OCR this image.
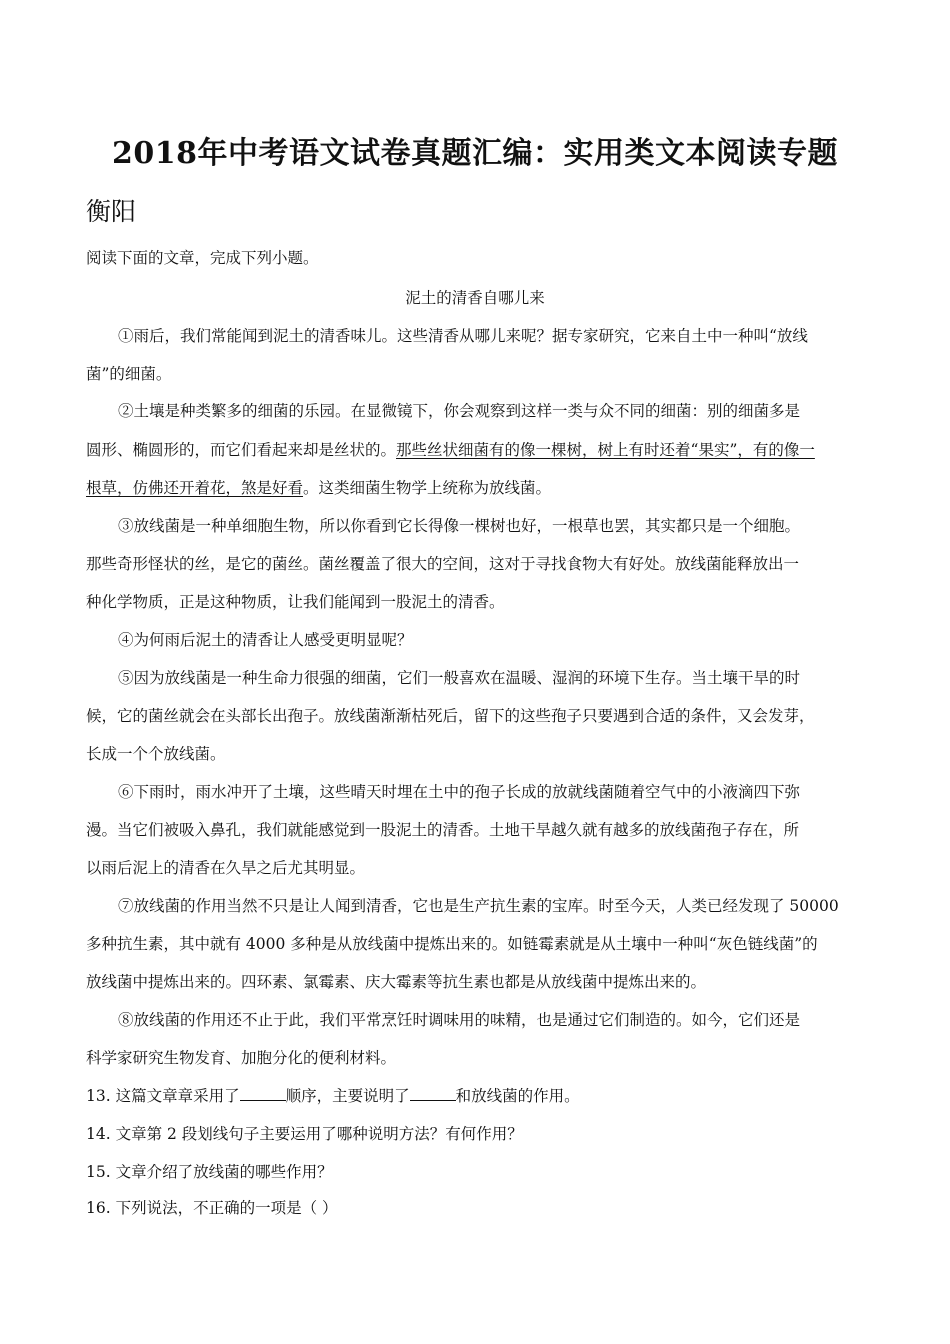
2018年中考语文试卷真题汇编：实用类文本阅读专题
衡阳
阅读下面的文章，完成下列小题。
泥土的清香自哪儿来
①雨后，我们常能闻到泥土的清香味儿。这些清香从哪儿来呢？据专家研究，它来自土中一种叫“放线
菌”的细菌。
②土壤是种类繁多的细菌的乐园。在显微镜下，你会观察到这样一类与众不同的细菌：别的细菌多是
圆形、椭圆形的，而它们看起来却是丝状的。那些丝状细菌有的像一棵树，树上有时还着“果实”，有的像一
根草，仿佛还开着花，煞是好看。这类细菌生物学上统称为放线菌。
③放线菌是一种单细胞生物，所以你看到它长得像一棵树也好，一根草也罢，其实都只是一个细胞。
那些奇形怪状的丝，是它的菌丝。菌丝覆盖了很大的空间，这对于寻找食物大有好处。放线菌能释放出一
种化学物质，正是这种物质，让我们能闻到一股泥土的清香。
④为何雨后泥土的清香让人感受更明显呢？
⑤因为放线菌是一种生命力很强的细菌，它们一般喜欢在温暖、湿润的环境下生存。当土壤干旱的时
候，它的菌丝就会在头部长出孢子。放线菌渐渐枯死后，留下的这些孢子只要遇到合适的条件，又会发芽，
长成一个个放线菌。
⑥下雨时，雨水冲开了土壤，这些晴天时埋在土中的孢子长成的放就线菌随着空气中的小液滴四下弥
漫。当它们被吸入鼻孔，我们就能感觉到一股泥土的清香。土地干旱越久就有越多的放线菌孢子存在，所
以雨后泥上的清香在久旱之后尤其明显。
⑦放线菌的作用当然不只是让人闻到清香，它也是生产抗生素的宝库。时至今天，人类已经发现了 50000
多种抗生素，其中就有 4000 多种是从放线菌中提炼出来的。如链霉素就是从土壤中一种叫“灰色链线菌”的
放线菌中提炼出来的。四环素、氯霉素、庆大霉素等抗生素也都是从放线菌中提炼出来的。
⑧放线菌的作用还不止于此，我们平常烹饪时调味用的味精，也是通过它们制造的。如今，它们还是
科学家研究生物发育、加胞分化的便利材料。
13. 这篇文章章采用了	顺序，主要说明了	和放线菌的作用。
14. 文章第 2 段划线句子主要运用了哪种说明方法？有何作用？
15. 文章介绍了放线菌的哪些作用？
16. 下列说法，不正确的一项是（ ）
